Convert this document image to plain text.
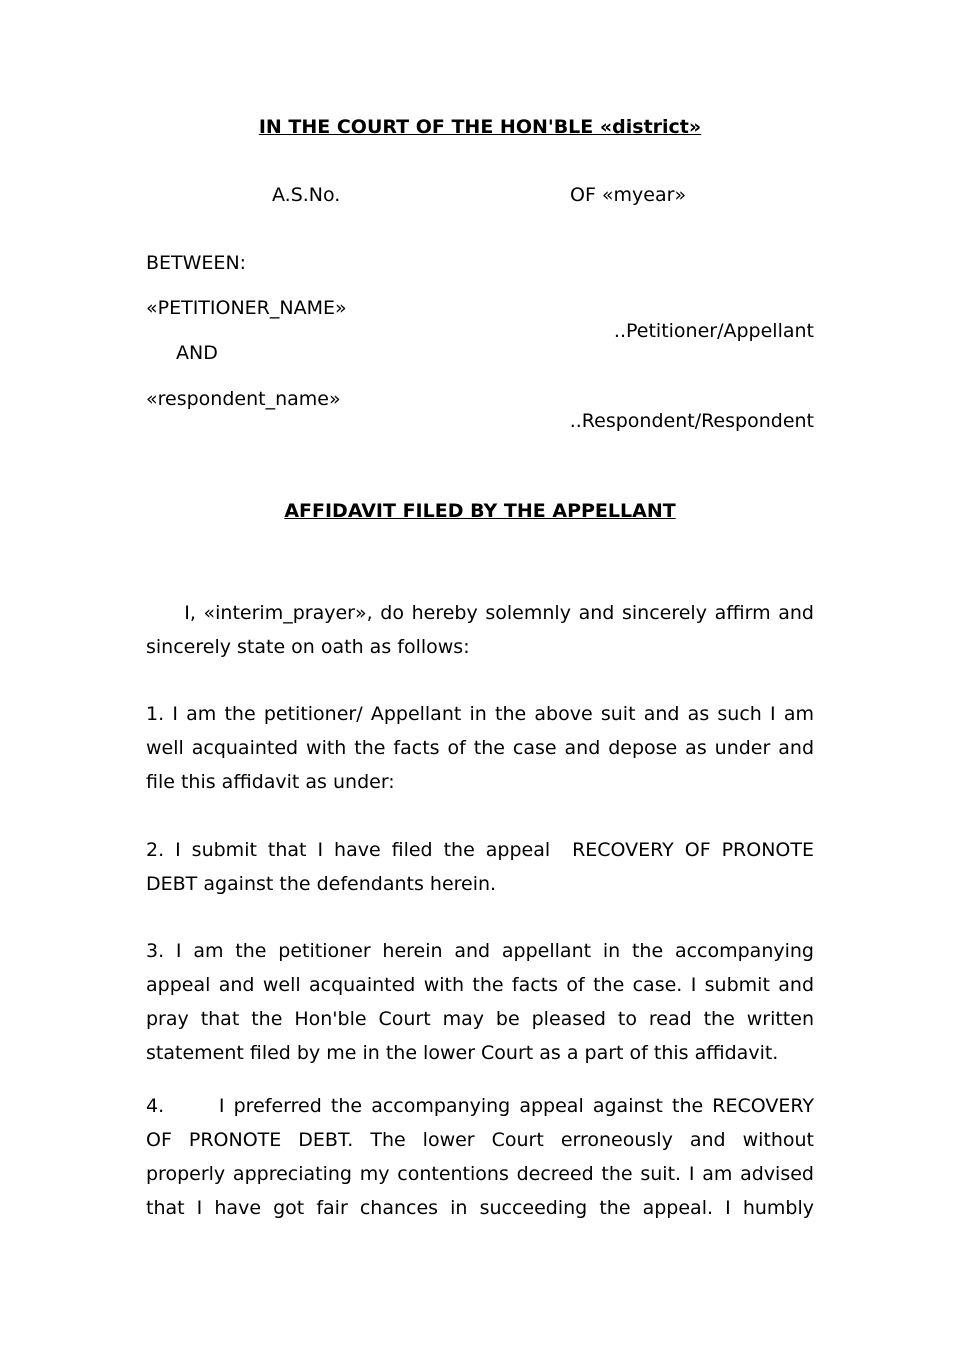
IN THE COURT OF THE HON'BLE «district»
A.S.No.	OF «myear»
BETWEEN:
«PETITIONER_NAME»
..Petitioner/Appellant
AND
«respondent_name»
..Respondent/Respondent
AFFIDAVIT FILED BY THE APPELLANT
I, «interim_prayer», do hereby solemnly and sincerely affirm and
sincerely state on oath as follows:
1. I am the petitioner/ Appellant in the above suit and as such I am
well acquainted with the facts of the case and depose as under and
file this affidavit as under:
2. I submit that I have filed the appeal  RECOVERY OF PRONOTE
DEBT against the defendants herein.
3. I am the petitioner herein and appellant in the accompanying
appeal and well acquainted with the facts of the case. I submit and
pray that the Hon'ble Court may be pleased to read the written
statement filed by me in the lower Court as a part of this affidavit.
4.      I preferred the accompanying appeal against the RECOVERY
OF PRONOTE DEBT. The lower Court erroneously and without
properly appreciating my contentions decreed the suit. I am advised
that I have got fair chances in succeeding the appeal. I humbly
